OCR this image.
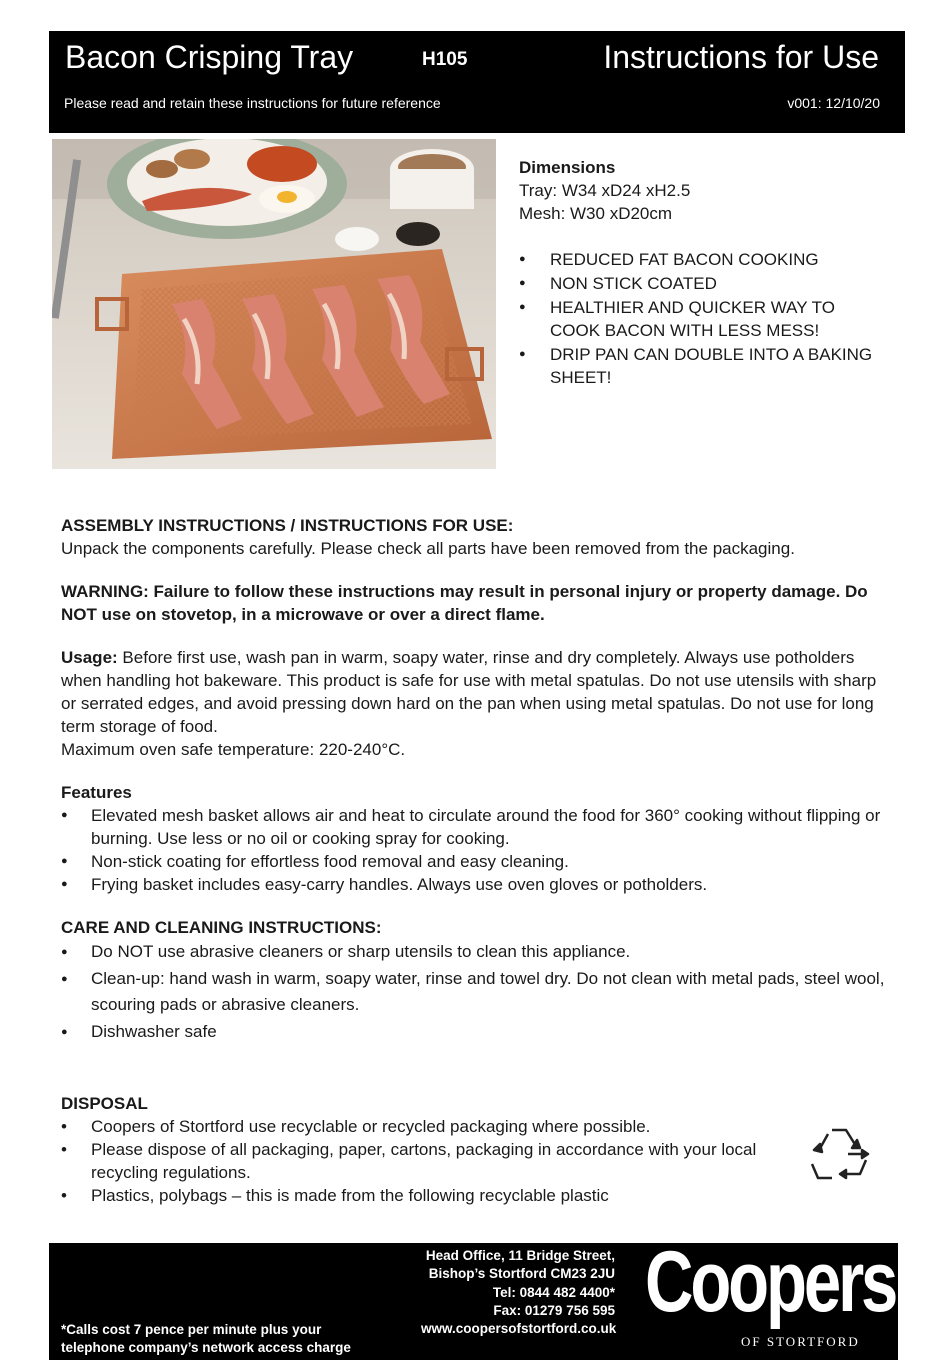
Bacon Crisping Tray	H105	Instructions for Use
Please read and retain these instructions for future reference	v001: 12/10/20
Dimensions
Tray: W34 xD24 xH2.5
Mesh: W30 xD20cm
● REDUCED FAT BACON COOKING
● NON STICK COATED
● HEALTHIER AND QUICKER WAY TO COOK BACON WITH LESS MESS!
● DRIP PAN CAN DOUBLE INTO A BAKING SHEET!

ASSEMBLY INSTRUCTIONS / INSTRUCTIONS FOR USE:

Unpack the components carefully. Please check all parts have been removed from the packaging.

WARNING: Failure to follow these instructions may result in personal injury or property damage. Do NOT use on stovetop, in a microwave or over a direct flame.

Usage: Before first use, wash pan in warm, soapy water, rinse and dry completely. Always use potholders when handling hot bakeware. This product is safe for use with metal spatulas. Do not use utensils with sharp or serrated edges, and avoid pressing down hard on the pan when using metal spatulas. Do not use for long term storage of food.

Maximum oven safe temperature: 220-240°C.

Features

● Elevated mesh basket allows air and heat to circulate around the food for 360° cooking without flipping or burning. Use less or no oil or cooking spray for cooking.
● Non-stick coating for effortless food removal and easy cleaning.
● Frying basket includes easy-carry handles. Always use oven gloves or potholders.

CARE AND CLEANING INSTRUCTIONS:

● Do NOT use abrasive cleaners or sharp utensils to clean this appliance.
● Clean-up: hand wash in warm, soapy water, rinse and towel dry. Do not clean with metal pads, steel wool, scouring pads or abrasive cleaners.
● Dishwasher safe

DISPOSAL

• Coopers of Stortford use recyclable or recycled packaging where possible.
• Please dispose of all packaging, paper, cartons, packaging in accordance with your local recycling regulations.
• Plastics, polybags – this is made from the following recyclable plastic
*Calls cost 7 pence per minute plus your
telephone company’s network access charge
Head Office, 11 Bridge Street,
Bishop’s Stortford CM23 2JU
Tel: 0844 482 4400*
Fax: 01279 756 595
www.coopersofstortford.co.uk Coopers
OF STORTFORD
